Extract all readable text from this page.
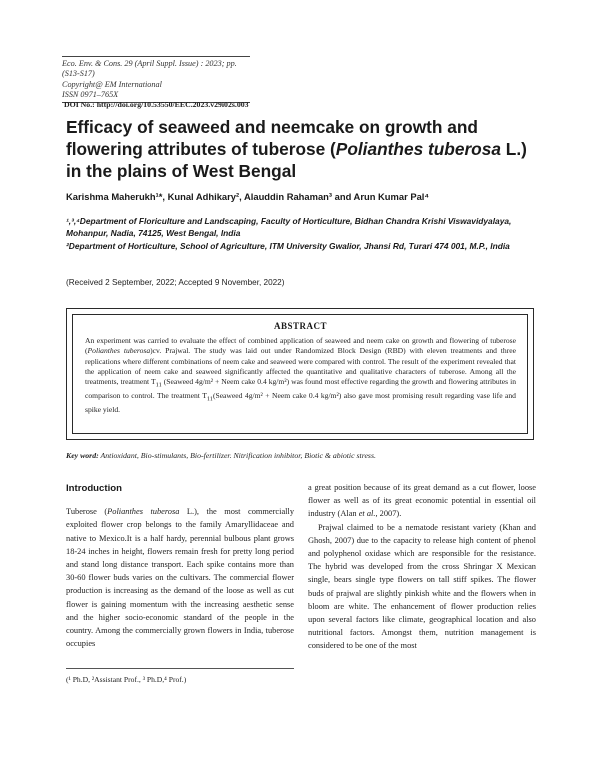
Eco. Env. & Cons. 29 (April Suppl. Issue) : 2023; pp. (S13-S17)
Copyright@ EM International
ISSN 0971–765X
DOI No.: http://doi.org/10.53550/EEC.2023.v29i02s.003
Efficacy of seaweed and neemcake on growth and flowering attributes of tuberose (Polianthes tuberosa L.) in the plains of West Bengal
Karishma Maherukh¹*, Kunal Adhikary², Alauddin Rahaman³ and Arun Kumar Pal⁴
¹,³,⁴Department of Floriculture and Landscaping, Faculty of Horticulture, Bidhan Chandra Krishi Viswavidyalaya, Mohanpur, Nadia, 74125, West Bengal, India
²Department of Horticulture, School of Agriculture, ITM University Gwalior, Jhansi Rd, Turari 474 001, M.P., India
(Received 2 September, 2022; Accepted 9 November, 2022)
ABSTRACT
An experiment was carried to evaluate the effect of combined application of seaweed and neem cake on growth and flowering of tuberose (Polianthes tuberosa)cv. Prajwal. The study was laid out under Randomized Block Design (RBD) with eleven treatments and three replications where different combinations of neem cake and seaweed were compared with control. The result of the experiment revealed that the application of neem cake and seaweed significantly affected the quantitative and qualitative characters of tuberose. Among all the treatments, treatment $T_{11}$ (Seaweed 4g/m² + Neem cake 0.4 kg/m²) was found most effective regarding the growth and flowering attributes in comparison to control. The treatment $T_{11}(Seaweed$ 4g/m² + Neem cake 0.4 kg/m²) also gave most promising result regarding vase life and spike yield.
Key word: Antioxidant, Bio-stimulants, Bio-fertilizer. Nitrification inhibitor, Biotic & abiotic stress.
Introduction

Tuberose (Polianthes tuberosa L.), the most commercially exploited flower crop belongs to the family Amaryllidaceae and native to Mexico.It is a half hardy, perennial bulbous plant grows 18-24 inches in height, flowers remain fresh for pretty long period and stand long distance transport. Each spike contains more than 30-60 flower buds varies on the cultivars. The commercial flower production is increasing as the demand of the loose as well as cut flower is gaining momentum with the increasing aesthetic sense and the higher socio-economic standard of the people in the country. Among the commercially grown flowers in India, tuberose occupies

a great position because of its great demand as a cut flower, loose flower as well as of its great economic potential in essential oil industry (Alan et al., 2007).

Prajwal claimed to be a nematode resistant variety (Khan and Ghosh, 2007) due to the capacity to release high content of phenol and polyphenol oxidase which are responsible for the resistance. The hybrid was developed from the cross Shringar X Mexican single, bears single type flowers on tall stiff spikes. The flower buds of prajwal are slightly pinkish white and the flowers when in bloom are white. The enhancement of flower production relies upon several factors like climate, geographical location and also nutritional factors. Amongst them, nutrition management is considered to be one of the most

(¹ Ph.D, ²Assistant Prof., ³ Ph.D,⁴ Prof.)
